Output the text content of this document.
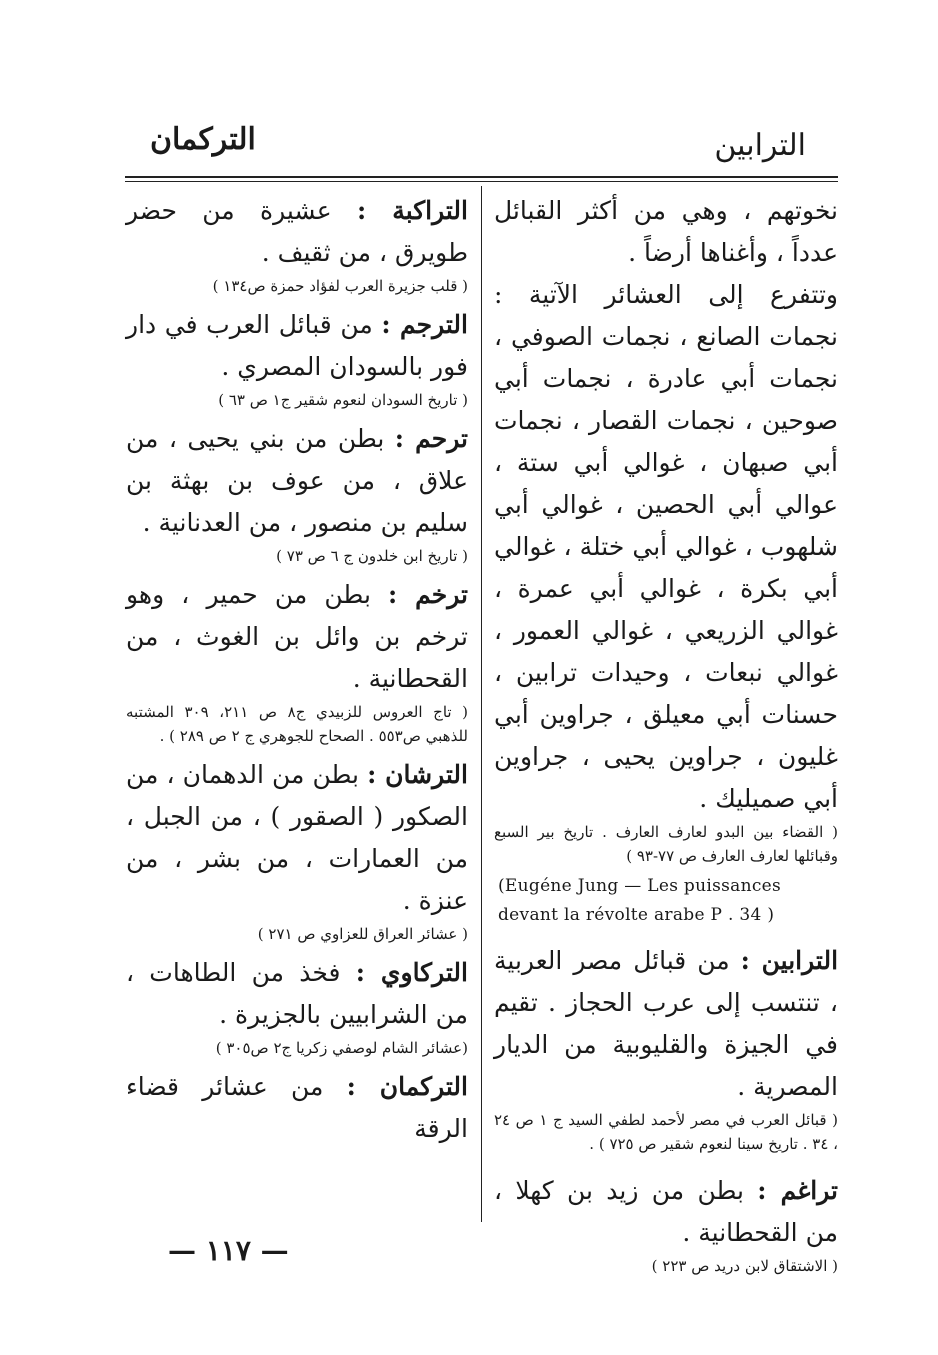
التركمان	الترابين

نخوتهم ، وهي من أكثر القبائل عدداً ، وأغناها أرضاً .

وتتفرع إلى العشائر الآتية : نجمات الصانع ، نجمات الصوفي ، نجمات أبي عادرة ، نجمات أبي صوحين ، نجمات القصار ، نجمات أبي صبهان ، غوالي أبي ستة ، عوالي أبي الحصين ، غوالي أبي شلهوب ، غوالي أبي ختلة ، غوالي أبي بكرة ، غوالي أبي عمرة ، غوالي الزريعي ، غوالي العمور ، غوالي نبعات ، وحيدات ترابين ، حسنات أبي معيلق ، جراوين أبي غليون ، جراوين يحيى ، جراوين أبي صميليك .

( القضاء بين البدو لعارف العارف . تاريخ بير السبع وقبائلها لعارف العارف ص ٧٧-٩٣ )

(Eugéne Jung — Les puissances

devant la révolte arabe P . 34 )

الترابين : من قبائل مصر العربية ، تنتسب إلى عرب الحجاز . تقيم في الجيزة والقليوبية من الديار المصرية .

( قبائل العرب في مصر لأحمد لطفي السيد ج ١ ص ٢٤ ، ٣٤ . تاريخ سينا لنعوم شقير ص ٧٢٥ ) .

تراغم : بطن من زيد بن كهلا ، من القحطانية .

( الاشتقاق لابن دريد ص ٢٢٣ )

التراكبة : عشيرة من حضر طويرق ، من ثقيف .

( قلب جزيرة العرب لفؤاد حمزة ص١٣٤ )

الترجم : من قبائل العرب في دار فور بالسودان المصري .

( تاريخ السودان لنعوم شقير ج١ ص ٦٣ )

ترحم : بطن من بني يحيى ، من علاق ، من عوف بن بهثة بن سليم بن منصور ، من العدنانية .

( تاريخ ابن خلدون ج ٦ ص ٧٣ )

ترخم : بطن من حمير ، وهو ترخم بن وائل بن الغوث ، من القحطانية .

( تاج العروس للزبيدي ج٨ ص ٢١١، ٣٠٩ المشتبه للذهبي ص٥٥٣ . الصحاح للجوهري ج ٢ ص ٢٨٩ ) .

الترشان : بطن من الدهمان ، من الصكور ( الصقور ) ، من الجبل ، من العمارات ، من بشر ، من عنزة .

( عشائر العراق للعزاوي ص ٢٧١ )

التركاوي : فخذ من الطاهات ، من الشرابيين بالجزيرة .

(عشائر الشام لوصفي زكريا ج٢ ص٣٠٥ )

التركمان : من عشائر قضاء الرقة

— ١١٧ —
